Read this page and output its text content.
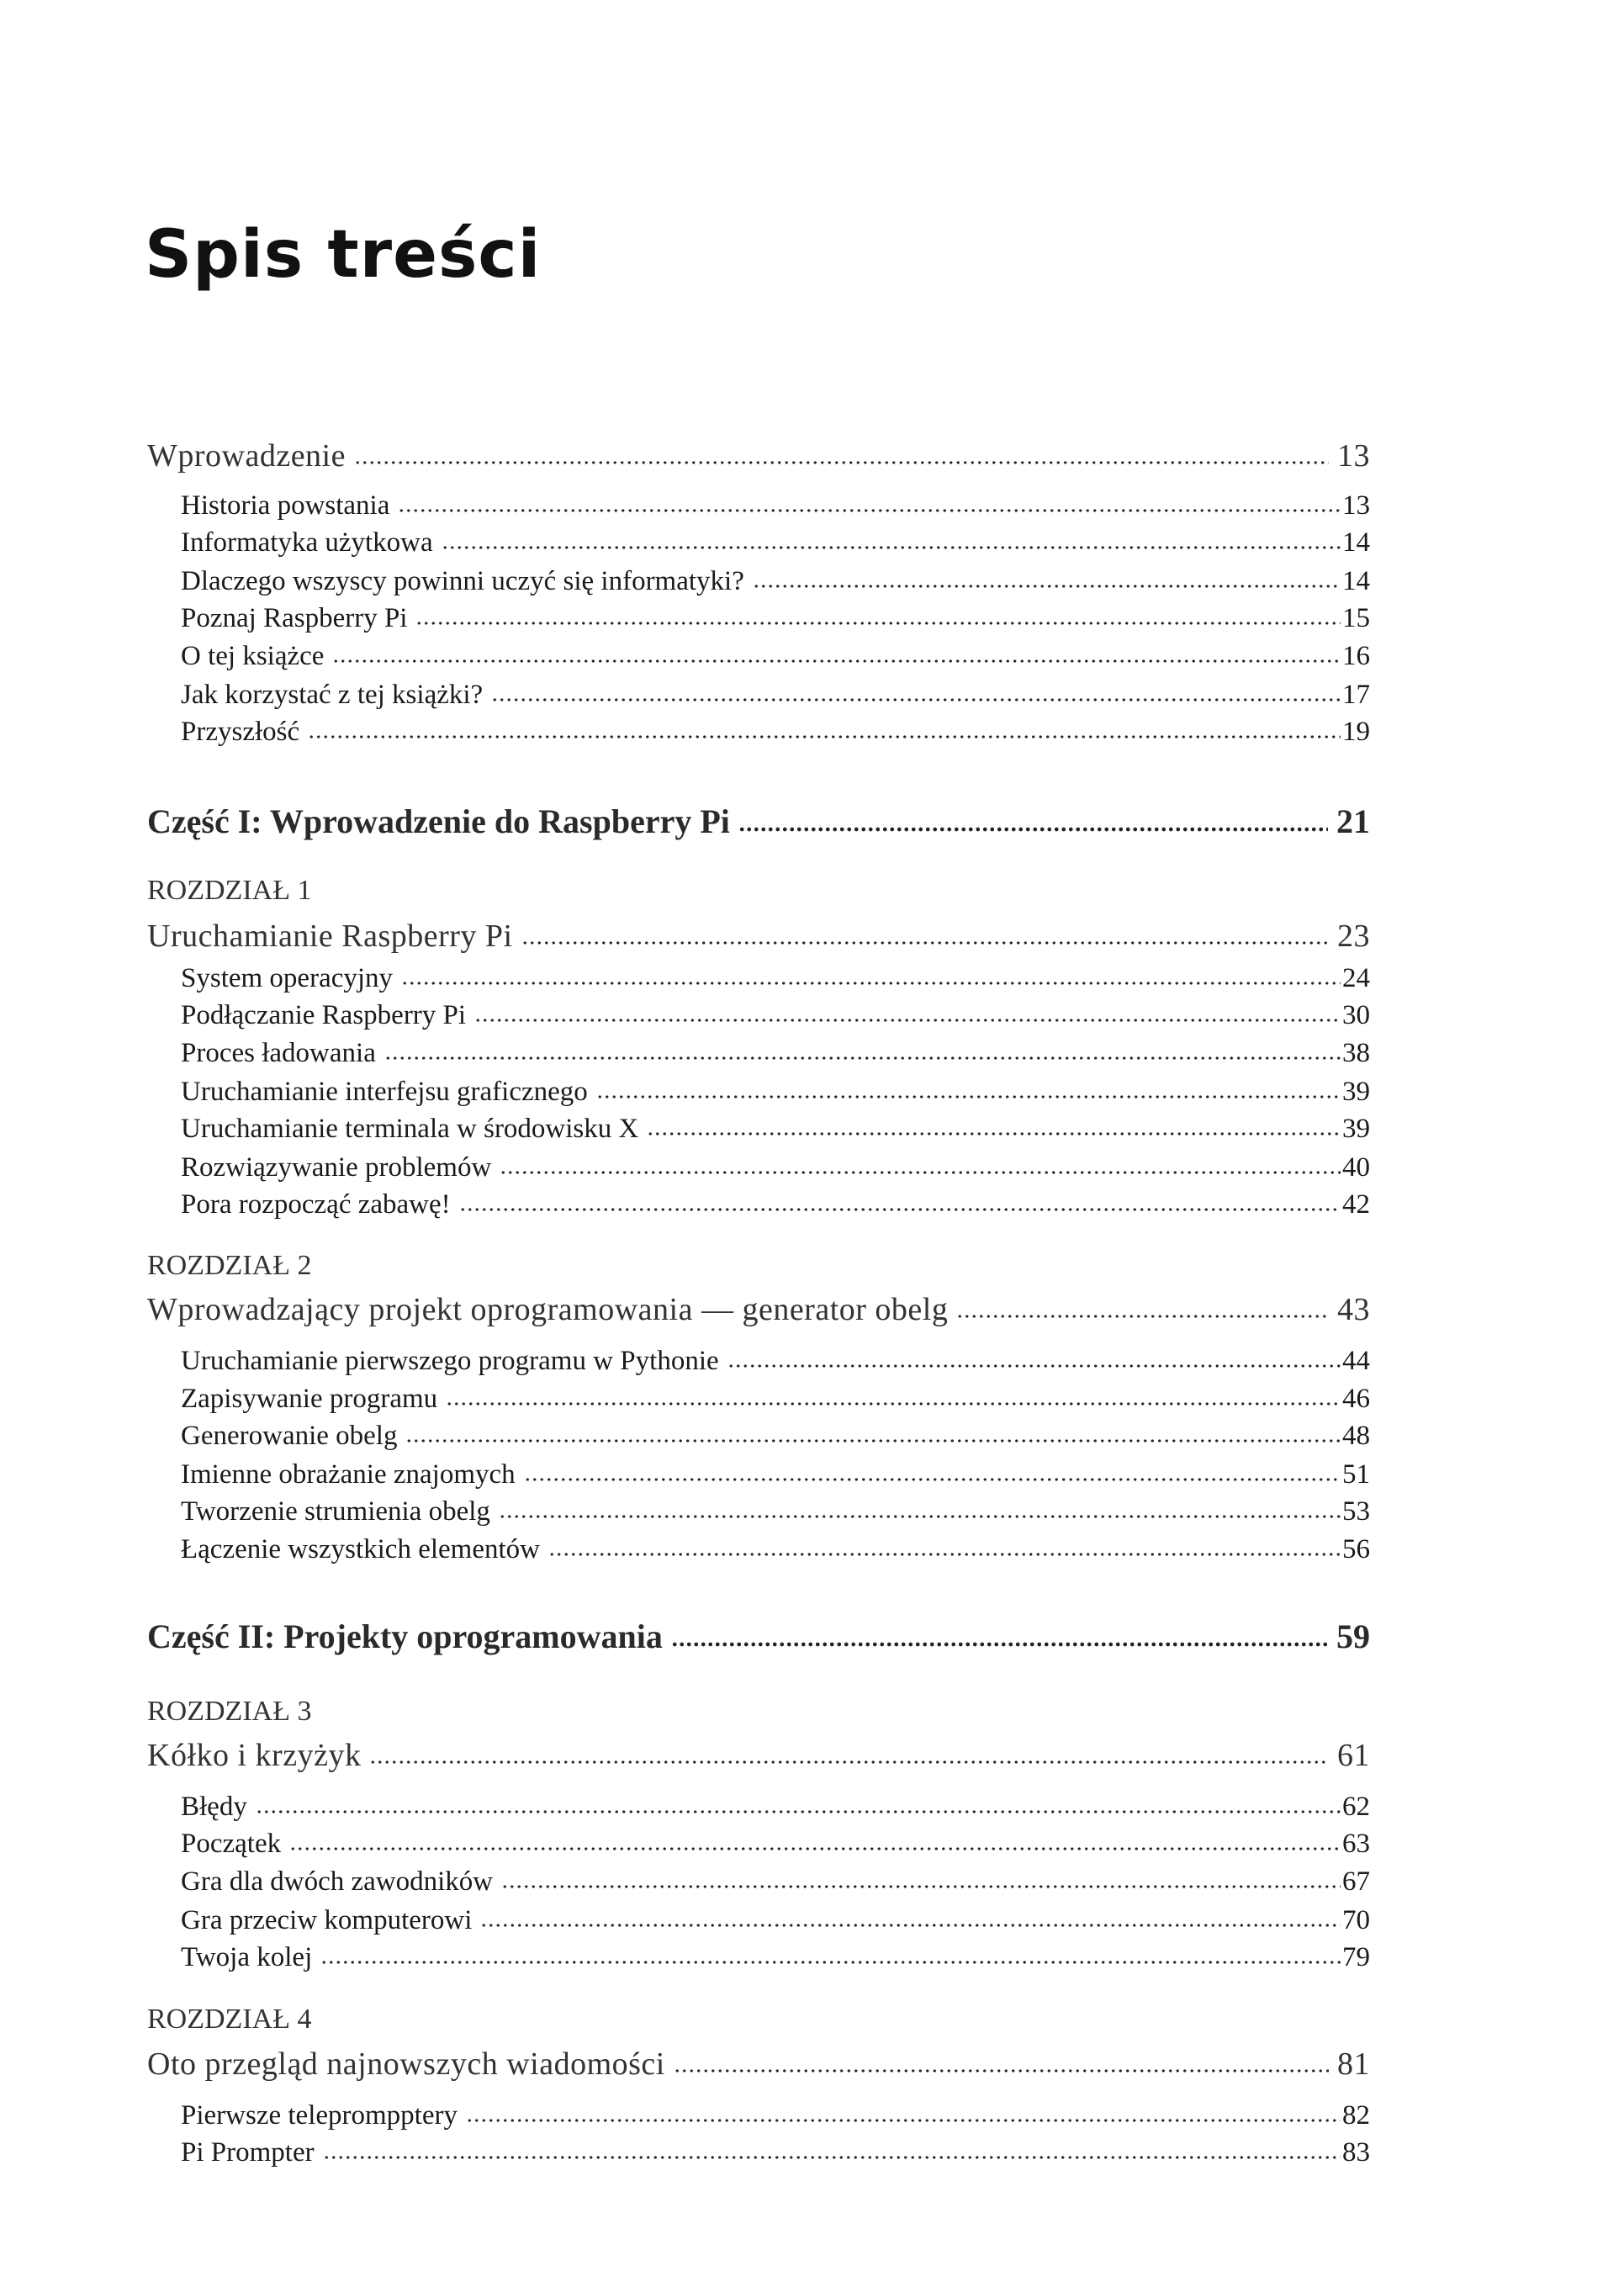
Spis treści
Wprowadzenie	13
Historia powstania	13
Informatyka użytkowa	14
Dlaczego wszyscy powinni uczyć się informatyki?	14
Poznaj Raspberry Pi	15
O tej książce	16
Jak korzystać z tej książki?	17
Przyszłość	19
Część I: Wprowadzenie do Raspberry Pi	21
ROZDZIAŁ 1
Uruchamianie Raspberry Pi	23
System operacyjny	24
Podłączanie Raspberry Pi	30
Proces ładowania	38
Uruchamianie interfejsu graficznego	39
Uruchamianie terminala w środowisku X	39
Rozwiązywanie problemów	40
Pora rozpocząć zabawę!	42
ROZDZIAŁ 2
Wprowadzający projekt oprogramowania — generator obelg	43
Uruchamianie pierwszego programu w Pythonie	44
Zapisywanie programu	46
Generowanie obelg	48
Imienne obrażanie znajomych	51
Tworzenie strumienia obelg	53
Łączenie wszystkich elementów	56
Część II: Projekty oprogramowania	59
ROZDZIAŁ 3
Kółko i krzyżyk	61
Błędy	62
Początek	63
Gra dla dwóch zawodników	67
Gra przeciw komputerowi	70
Twoja kolej	79
ROZDZIAŁ 4
Oto przegląd najnowszych wiadomości	81
Pierwsze teleprompptery	82
Pi Prompter	83
